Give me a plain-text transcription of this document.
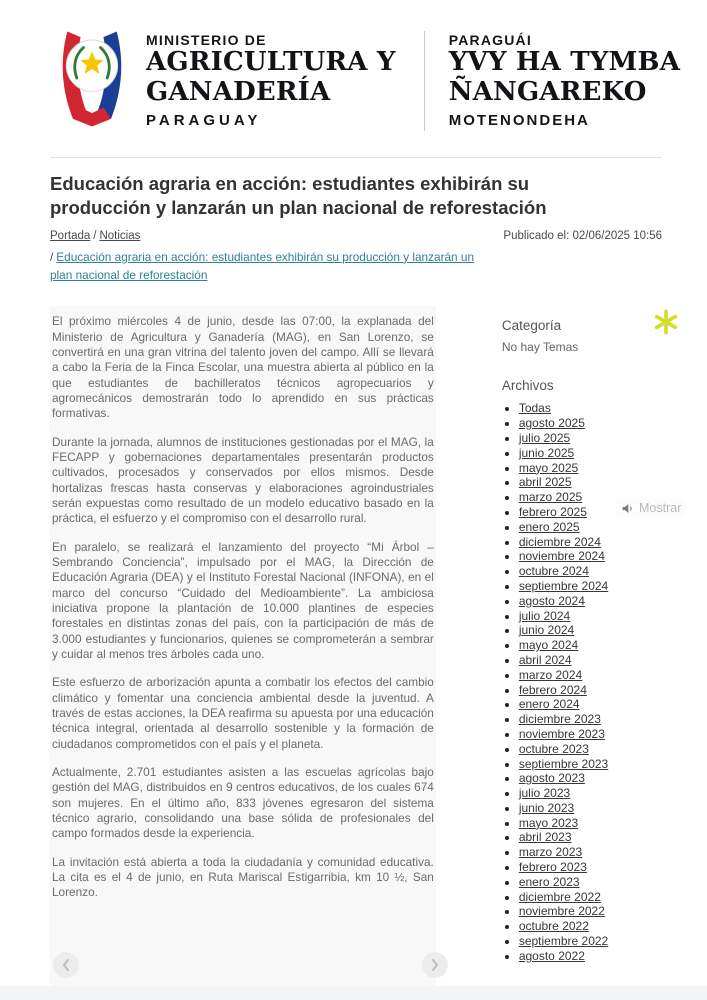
MINISTERIO DE
AGRICULTURA Y
GANADERÍA
PARAGUAY
PARAGUÁI
YVY HA TYMBA
ÑANGAREKO
MOTENONDEHA
Educación agraria en acción: estudiantes exhibirán su producción y lanzarán un plan nacional de reforestación
Portada / Noticias	Publicado el: 02/06/2025 10:56
/ Educación agraria en acción: estudiantes exhibirán su producción y lanzarán un plan nacional de reforestación

El próximo miércoles 4 de junio, desde las 07:00, la explanada del Ministerio de Agricultura y Ganadería (MAG), en San Lorenzo, se convertirá en una gran vitrina del talento joven del campo. Allí se llevará a cabo la Feria de la Finca Escolar, una muestra abierta al público en la que estudiantes de bachilleratos técnicos agropecuarios y agromecánicos demostrarán todo lo aprendido en sus prácticas formativas.

Durante la jornada, alumnos de instituciones gestionadas por el MAG, la FECAPP y gobernaciones departamentales presentarán productos cultivados, procesados y conservados por ellos mismos. Desde hortalizas frescas hasta conservas y elaboraciones agroindustriales serán expuestas como resultado de un modelo educativo basado en la práctica, el esfuerzo y el compromiso con el desarrollo rural.

En paralelo, se realizará el lanzamiento del proyecto “Mi Árbol – Sembrando Conciencia”, impulsado por el MAG, la Dirección de Educación Agraria (DEA) y el Instituto Forestal Nacional (INFONA), en el marco del concurso “Cuidado del Medioambiente”. La ambiciosa iniciativa propone la plantación de 10.000 plantines de especies forestales en distintas zonas del país, con la participación de más de 3.000 estudiantes y funcionarios, quienes se comprometerán a sembrar y cuidar al menos tres árboles cada uno.

Este esfuerzo de arborización apunta a combatir los efectos del cambio climático y fomentar una conciencia ambiental desde la juventud. A través de estas acciones, la DEA reafirma su apuesta por una educación técnica integral, orientada al desarrollo sostenible y la formación de ciudadanos comprometidos con el país y el planeta.

Actualmente, 2.701 estudiantes asisten a las escuelas agrícolas bajo gestión del MAG, distribuidos en 9 centros educativos, de los cuales 674 son mujeres. En el último año, 833 jóvenes egresaron del sistema técnico agrario, consolidando una base sólida de profesionales del campo formados desde la experiencia.

La invitación está abierta a toda la ciudadanía y comunidad educativa. La cita es el 4 de junio, en Ruta Mariscal Estigarribia, km 10 ½, San Lorenzo.

Categoría
No hay Temas
Archivos
• Todas
• agosto 2025
• julio 2025
• junio 2025
• mayo 2025
• abril 2025
• marzo 2025
• febrero 2025
• enero 2025
• diciembre 2024
• noviembre 2024
• octubre 2024
• septiembre 2024
• agosto 2024
• julio 2024
• junio 2024
• mayo 2024
• abril 2024
• marzo 2024
• febrero 2024
• enero 2024
• diciembre 2023
• noviembre 2023
• octubre 2023
• septiembre 2023
• agosto 2023
• julio 2023
• junio 2023
• mayo 2023
• abril 2023
• marzo 2023
• febrero 2023
• enero 2023
• diciembre 2022
• noviembre 2022
• octubre 2022
• septiembre 2022
• agosto 2022
Mostrar
